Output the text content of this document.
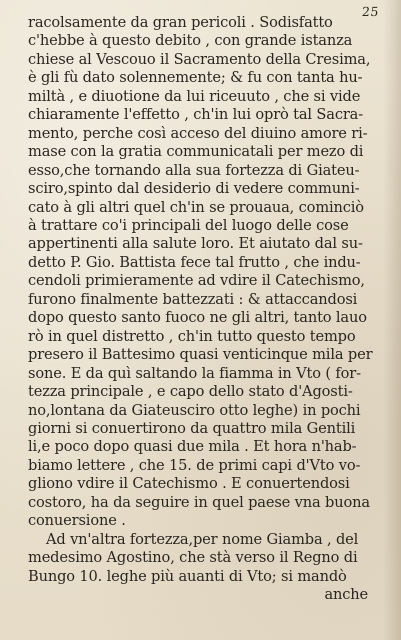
25

racolsamente da gran pericoli . Sodisfatto
c'hebbe à questo debito , con grande istanza
chiese al Vescouo il Sacramento della Cresima,
è gli fù dato solennemente; & fu con tanta hu-
miltà , e diuotione da lui riceuuto , che si vide
chiaramente l'effetto , ch'in lui oprò tal Sacra-
mento, perche così acceso del diuino amore ri-
mase con la gratia communicatali per mezo di
esso,che tornando alla sua fortezza di Giateu-
sciro,spinto dal desiderio di vedere communi-
cato à gli altri quel ch'in se prouaua, cominciò
à trattare co'i principali del luogo delle cose
appertinenti alla salute loro. Et aiutato dal su-
detto P. Gio. Battista fece tal frutto , che indu-
cendoli primieramente ad vdire il Catechismo,
furono finalmente battezzati : & attaccandosi
dopo questo santo fuoco ne gli altri, tanto lauo
rò in quel distretto , ch'in tutto questo tempo
presero il Battesimo quasi venticinque mila per
sone. E da quì saltando la fiamma in Vto ( for-
tezza principale , e capo dello stato d'Agosti-
no,lontana da Giateusciro otto leghe) in pochi
giorni si conuertirono da quattro mila Gentili
li,e poco dopo quasi due mila . Et hora n'hab-
biamo lettere , che 15. de primi capi d'Vto vo-
gliono vdire il Catechismo . E conuertendosi
costoro, ha da seguire in quel paese vna buona
conuersione .
Ad vn'altra fortezza,per nome Giamba , del
medesimo Agostino, che stà verso il Regno di
Bungo 10. leghe più auanti di Vto; si mandò
anche
